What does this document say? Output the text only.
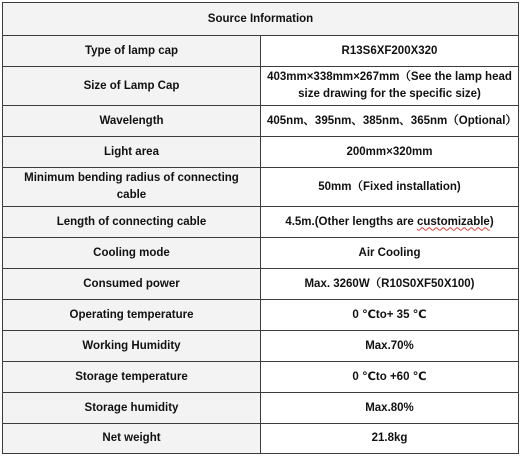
Source Information	
Type of lamp cap	R13S6XF200X320
Size of Lamp Cap	403mm×338mm×267mm（See the lamp head size drawing for the specific size)
Wavelength	405nm、395nm、385nm、365nm（Optional）
Light area	200mm×320mm
Minimum bending radius of connecting cable	50mm（Fixed installation)
Length of connecting cable	4.5m.(Other lengths are customizable)
Cooling mode	Air Cooling
Consumed power	Max. 3260W（R10S0XF50X100)
Operating temperature	0 ℃to+ 35 ℃
Working Humidity	Max.70%
Storage temperature	0 ℃to +60 ℃
Storage humidity	Max.80%
Net weight	21.8kg
